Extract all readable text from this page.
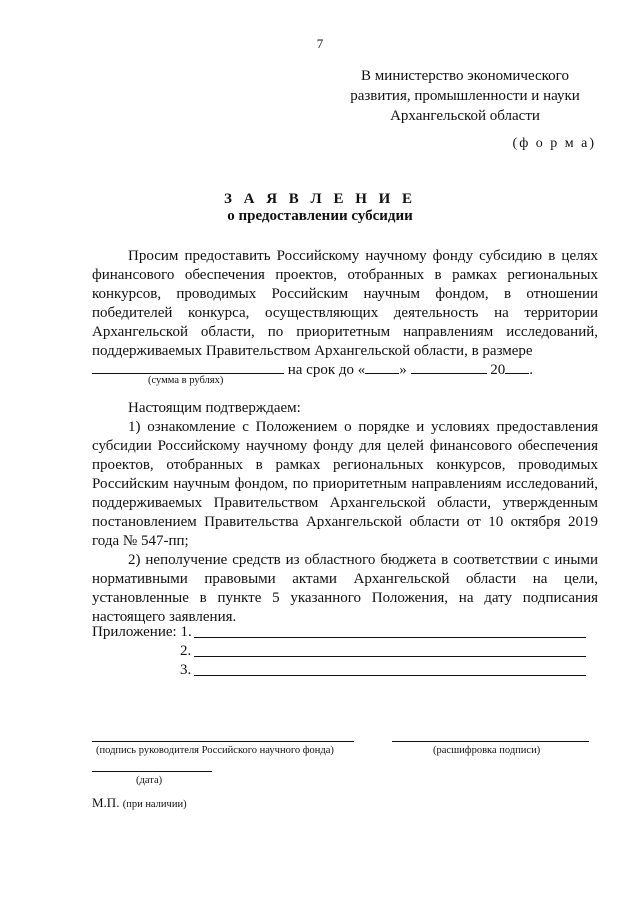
7
В министерство экономического
развития, промышленности и науки
Архангельской области
(ф о р м а)
З А Я В Л Е Н И Е
о предоставлении субсидии

Просим предоставить Российскому научному фонду субсидию в целях финансового обеспечения проектов, отобранных в рамках региональных конкурсов, проводимых Российским научным фондом, в отношении победителей конкурса, осуществляющих деятельность на территории Архангельской области, по приоритетным направлениям исследований, поддерживаемых Правительством Архангельской области, в размере

на срок до « »	20 .
(сумма в рублях)

Настоящим подтверждаем:

1) ознакомление с Положением о порядке и условиях предоставления субсидии Российскому научному фонду для целей финансового обеспечения проектов, отобранных в рамках региональных конкурсов, проводимых Российским научным фондом, по приоритетным направлениям исследований, поддерживаемых Правительством Архангельской области, утвержденным постановлением Правительства Архангельской области от 10 октября 2019 года № 547-пп;

2) неполучение средств из областного бюджета в соответствии с иными нормативными правовыми актами Архангельской области на цели, установленные в пункте 5 указанного Положения, на дату подписания настоящего заявления.

Приложение: 1.
2.
3.
(подпись руководителя Российского научного фонда)	(расшифровка подписи)
(дата)
М.П. (при наличии)
